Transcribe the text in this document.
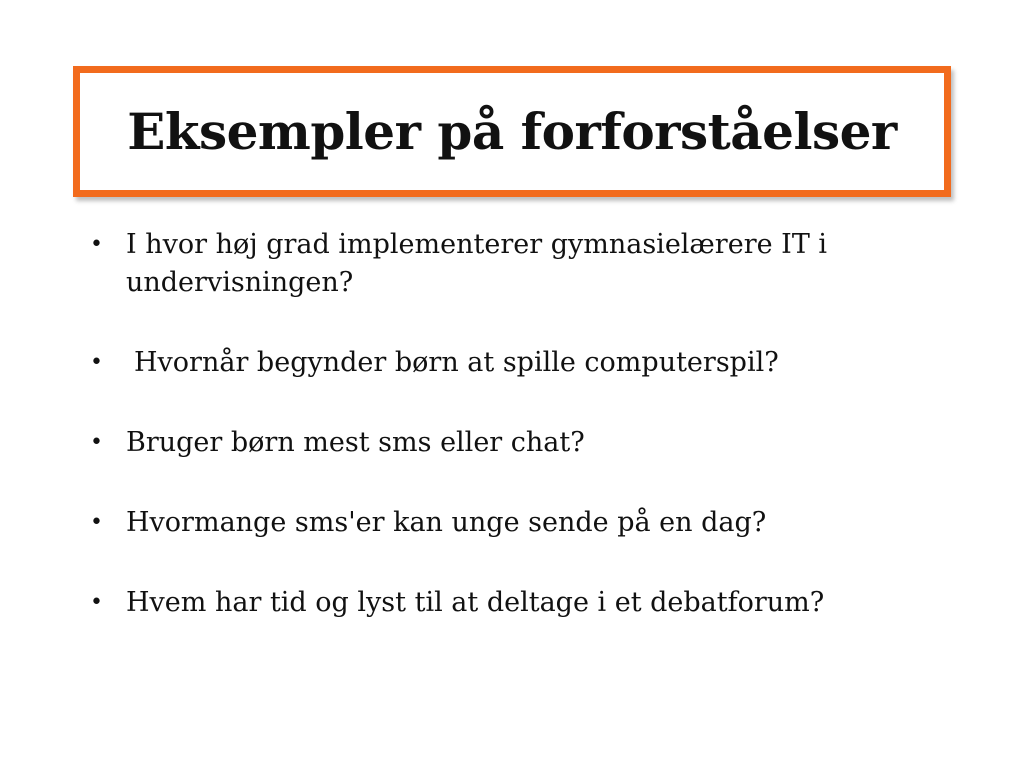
Eksempler på forforståelser
• I hvor høj grad implementerer gymnasielærere IT i undervisningen?
• Hvornår begynder børn at spille computerspil?
• Bruger børn mest sms eller chat?
• Hvormange sms'er kan unge sende på en dag?
• Hvem har tid og lyst til at deltage i et debatforum?
